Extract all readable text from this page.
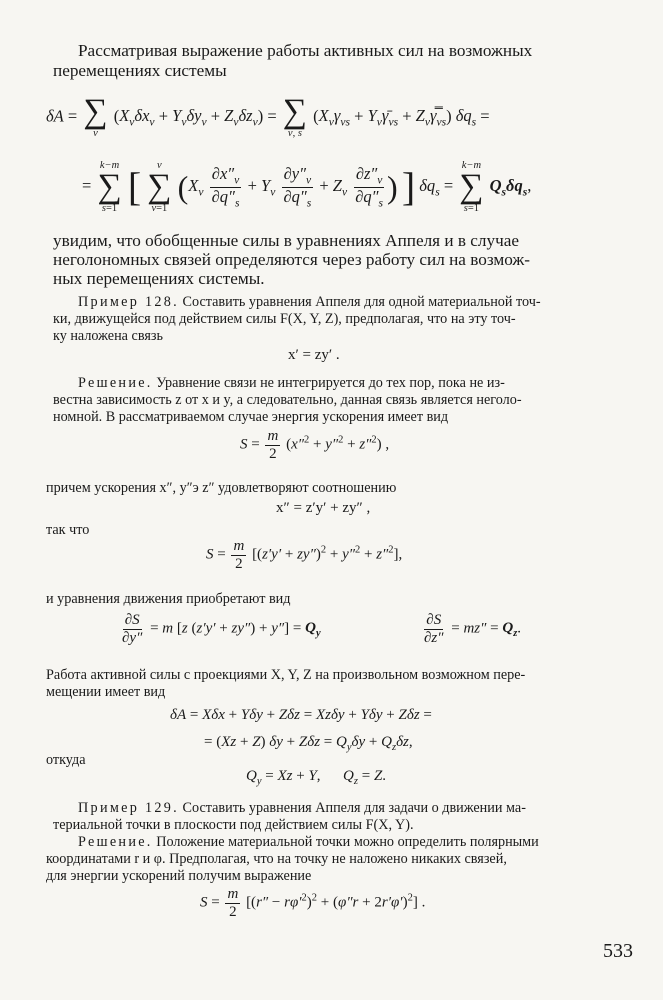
Рассматривая выражение работы активных сил на возможных

перемещениях системы

δA = ∑
ν
$(X_\nu\delta x_\nu + Y_\nu\delta y_\nu + Z_\nu\delta z_\nu)$ = ∑
ν, s
($X_\nu\gamma_{\nu s}$ + $Y_\nu\gammā_{\nu s}$ + $Z_\nu\gamma̿_{\nu s}$) $\delta q_s$ =
=
k−m
∑
s=1 [ ν
∑
ν=1
($X_\nu \frac{\partial x''_\nu}{\partial q''_s} + Y_\nu \frac{\partial y''_\nu}{\partial q''_s} + Z_\nu \frac{\partial z''_\nu}{\partial q''_s}$ ) ] $\delta q_s$ =
k−m
∑
s=1
$Q_s\delta q_s$,

увидим, что обобщенные силы в уравнениях Аппеля и в случае

неголономных связей определяются через работу сил на возмож-

ных перемещениях системы.

Пример 128. Составить уравнения Аппеля для одной материальной точ-

ки, движущейся под действием силы F(X, Y, Z), предполагая, что на эту точ-

ку наложена связь

x′ = zy′ .

Решение. Уравнение связи не интегрируется до тех пор, пока не из-

вестна зависимость z от x и y, а следовательно, данная связь является неголо-

номной. В рассматриваемом случае энергия ускорения имеет вид

$S = \frac{m}{2} (x''^2 + y''^2 + z''^2)$ ,

причем ускорения x″, y″э z″ удовлетворяют соотношению

x″ = z′y′ + zy″ ,

так что

$S = \frac{m}{2} [(z'y' + zy'')^2 + y''^2 + z''^2]$,

и уравнения движения приобретают вид

$\frac{\partial S}{\partial y''} = m$ [z $(z'y' + zy'') + y''] = Q_y$	$\frac{\partial S}{\partial z''} = mz'' = Q_z$.

Работа активной силы с проекциями X, Y, Z на произвольном возможном пере-

мещении имеет вид

δA = Xδx + Yδy + Zδz = Xzδy + Yδy + Zδz =
= (Xz + Z) $\delta y + Z\delta z = Q_y\delta y + Q_z\delta z$,

откуда

$Q_y = Xz + Y$,      $Q_z = Z$.

Пример 129. Составить уравнения Аппеля для задачи о движении ма-

териальной точки в плоскости под действием силы F(X, Y).

Решение. Положение материальной точки можно определить полярными

координатами r и φ. Предполагая, что на точку не наложено никаких связей,

для энергии ускорений получим выражение

$S = \frac{m}{2} [(r'' - r\varphi'^2)^2 + (\varphi''r + 2r'\varphi')^2]$ .
533
